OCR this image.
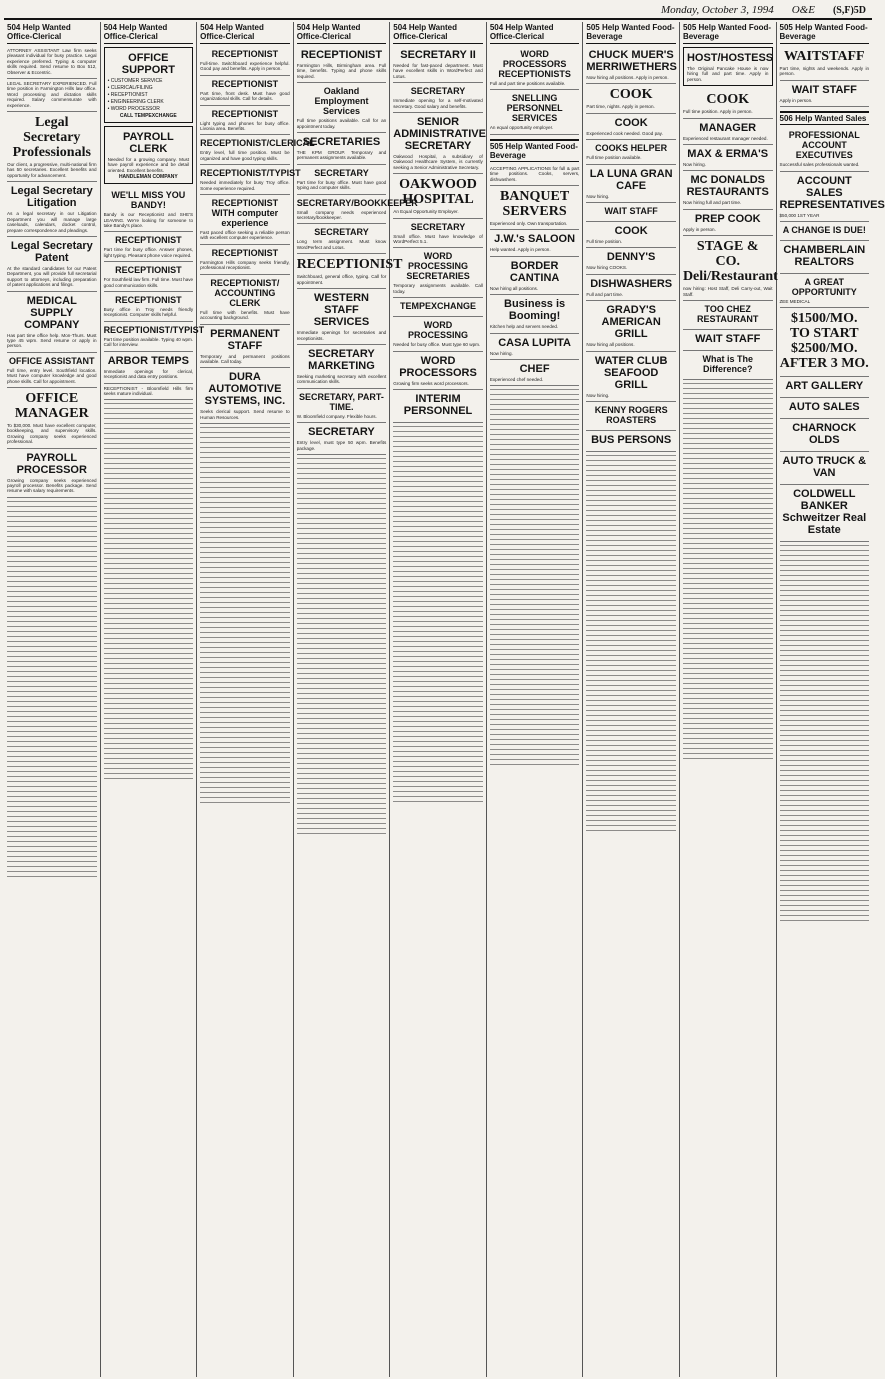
Monday, October 3, 1994 O&E (S,F)5D
504 Help Wanted Office-Clerical
ATTORNEY ASSISTANT Law firm seeks pleasant individual for busy practice. Legal experience preferred. Typing & computer skills required. Send resume to Box 512, Observer & Eccentric.
LEGAL SECRETARY EXPERIENCED. Full time position in Farmington Hills law office. Word processing and dictation skills required. Salary commensurate with experience.
Legal Secretary Professionals
Our client, a progressive, multi-national firm has 50 secretaries. Excellent benefits and opportunity for advancement.
Legal Secretary Litigation
As a legal secretary in our Litigation Department you will manage large caseloads, calendars, docket control, prepare correspondence and pleadings.
Legal Secretary Patent
At the standard candidates for our Patent Department, you will provide full secretarial support to attorneys, including preparation of patent applications and filings.
MEDICAL SUPPLY COMPANY
Has part time office help. Mon-Thurs. Must type 45 wpm. Send resume or apply in person.
OFFICE ASSISTANT
Full time, entry level. Southfield location. Must have computer knowledge and good phone skills. Call for appointment.
OFFICE MANAGER
To $30,000. Must have excellent computer, bookkeeping, and supervisory skills. Growing company seeks experienced professional.
PAYROLL PROCESSOR
Growing company seeks experienced payroll processor. Benefits package. Send resume with salary requirements.
504 Help Wanted Office-Clerical
OFFICE SUPPORT
• CUSTOMER SERVICE
• CLERICAL/FILING
• RECEPTIONIST
• ENGINEERING CLERK
• WORD PROCESSOR
CALL TEMPEXCHANGE
PAYROLL CLERK
Needed for a growing company. Must have payroll experience and be detail oriented. Excellent benefits.
HANDLEMAN COMPANY
WE'LL MISS YOU BANDY!
Bandy is our Receptionist and SHE'S LEAVING. We're looking for someone to take Bandy's place.
RECEPTIONIST
Part time for busy office. Answer phones, light typing. Pleasant phone voice required.
RECEPTIONIST
For Southfield law firm. Full time. Must have good communication skills.
RECEPTIONIST
Busy office in Troy needs friendly receptionist. Computer skills helpful.
RECEPTIONIST/TYPIST
Part time position available. Typing 40 wpm. Call for interview.
ARBOR TEMPS
Immediate openings for clerical, receptionist and data entry positions.
RECEPTIONIST - Bloomfield Hills firm seeks mature individual.
504 Help Wanted Office-Clerical
RECEPTIONIST
Full-time. Switchboard experience helpful. Good pay and benefits. Apply in person.
RECEPTIONIST
Part time, front desk. Must have good organizational skills. Call for details.
RECEPTIONIST
Light typing and phones for busy office. Livonia area. Benefits.
RECEPTIONIST/CLERICAL
Entry level, full time position. Must be organized and have good typing skills.
RECEPTIONIST/TYPIST
Needed immediately for busy Troy office. Some experience required.
RECEPTIONIST WITH computer experience
Fast paced office seeking a reliable person with excellent computer experience.
RECEPTIONIST
Farmington Hills company seeks friendly, professional receptionist.
RECEPTIONIST/ ACCOUNTING CLERK
Full time with benefits. Must have accounting background.
PERMANENT STAFF
Temporary and permanent positions available. Call today.
DURA AUTOMOTIVE SYSTEMS, INC.
Seeks clerical support. Send resume to Human Resources.
504 Help Wanted Office-Clerical
RECEPTIONIST
Farmington Hills, Birmingham area. Full time, benefits. Typing and phone skills required.
Oakland Employment Services
Full time positions available. Call for an appointment today.
SECRETARIES
THE KPM GROUP. Temporary and permanent assignments available.
SECRETARY
Part time for busy office. Must have good typing and computer skills.
SECRETARY/BOOKKEEPER
Small company needs experienced secretary/bookkeeper.
SECRETARY
Long term assignment. Must know WordPerfect and Lotus.
RECEPTIONIST
Switchboard, general office, typing. Call for appointment.
WESTERN STAFF SERVICES
Immediate openings for secretaries and receptionists.
SECRETARY MARKETING
Seeking marketing secretary with excellent communication skills.
SECRETARY, PART-TIME.
W. Bloomfield company. Flexible hours.
SECRETARY
Entry level, must type 50 wpm. Benefits package.
504 Help Wanted Office-Clerical
SECRETARY II
Needed for fast-paced department. Must have excellent skills in WordPerfect and Lotus.
SECRETARY
Immediate opening for a self-motivated secretary. Good salary and benefits.
SENIOR ADMINISTRATIVE SECRETARY
Oakwood Hospital, a subsidiary of Oakwood Healthcare System, is currently seeking a Senior Administrative Secretary.
OAKWOOD HOSPITAL
An Equal Opportunity Employer.
SECRETARY
Small office. Must have knowledge of WordPerfect 5.1.
WORD PROCESSING SECRETARIES
Temporary assignments available. Call today.
TEMPEXCHANGE
WORD PROCESSING
Needed for busy office. Must type 60 wpm.
WORD PROCESSORS
Growing firm seeks word processors.
INTERIM PERSONNEL
504 Help Wanted Office-Clerical
WORD PROCESSORS RECEPTIONISTS
Full and part time positions available.
SNELLING PERSONNEL SERVICES
An equal opportunity employer.
505 Help Wanted Food-Beverage
ACCEPTING APPLICATIONS for full & part time positions. Cooks, servers, dishwashers.
BANQUET SERVERS
Experienced only. Own transportation.
J.W.'s SALOON
Help wanted. Apply in person.
BORDER CANTINA
Now hiring all positions.
Business is Booming!
Kitchen help and servers needed.
CASA LUPITA
Now hiring.
CHEF
Experienced chef needed.
505 Help Wanted Food-Beverage
CHUCK MUER'S MERRIWETHERS
Now hiring all positions. Apply in person.
COOK
Part time, nights. Apply in person.
COOK
Experienced cook needed. Good pay.
COOKS HELPER
Full time position available.
LA LUNA GRAN CAFE
Now hiring.
WAIT STAFF
COOK
Full time position.
DENNY'S
Now hiring COOKS.
DISHWASHERS
Full and part time.
GRADY'S AMERICAN GRILL
Now hiring all positions.
WATER CLUB SEAFOOD GRILL
Now hiring.
KENNY ROGERS ROASTERS
BUS PERSONS
505 Help Wanted Food-Beverage
HOST/HOSTESS
The Original Pancake House is now hiring full and part time. Apply in person.
COOK
Full time position. Apply in person.
MANAGER
Experienced restaurant manager needed.
MAX & ERMA'S
Now hiring.
MC DONALDS RESTAURANTS
Now hiring full and part time.
PREP COOK
Apply in person.
STAGE & CO. Deli/Restaurant
now hiring: Host Staff, Deli Carry-out, Wait Staff.
TOO CHEZ RESTAURANT
WAIT STAFF
What is The Difference?
505 Help Wanted Food-Beverage
WAITSTAFF
Part time, nights and weekends. Apply in person.
WAIT STAFF
Apply in person.
506 Help Wanted Sales
PROFESSIONAL ACCOUNT EXECUTIVES
Successful sales professionals wanted.
ACCOUNT SALES REPRESENTATIVES
$50,000 1ST YEAR
A CHANGE IS DUE!
CHAMBERLAIN REALTORS
A GREAT OPPORTUNITY
ZEE MEDICAL
$1500/MO. TO START $2500/MO. AFTER 3 MO.
ART GALLERY
AUTO SALES
CHARNOCK OLDS
AUTO TRUCK & VAN
COLDWELL BANKER Schweitzer Real Estate
